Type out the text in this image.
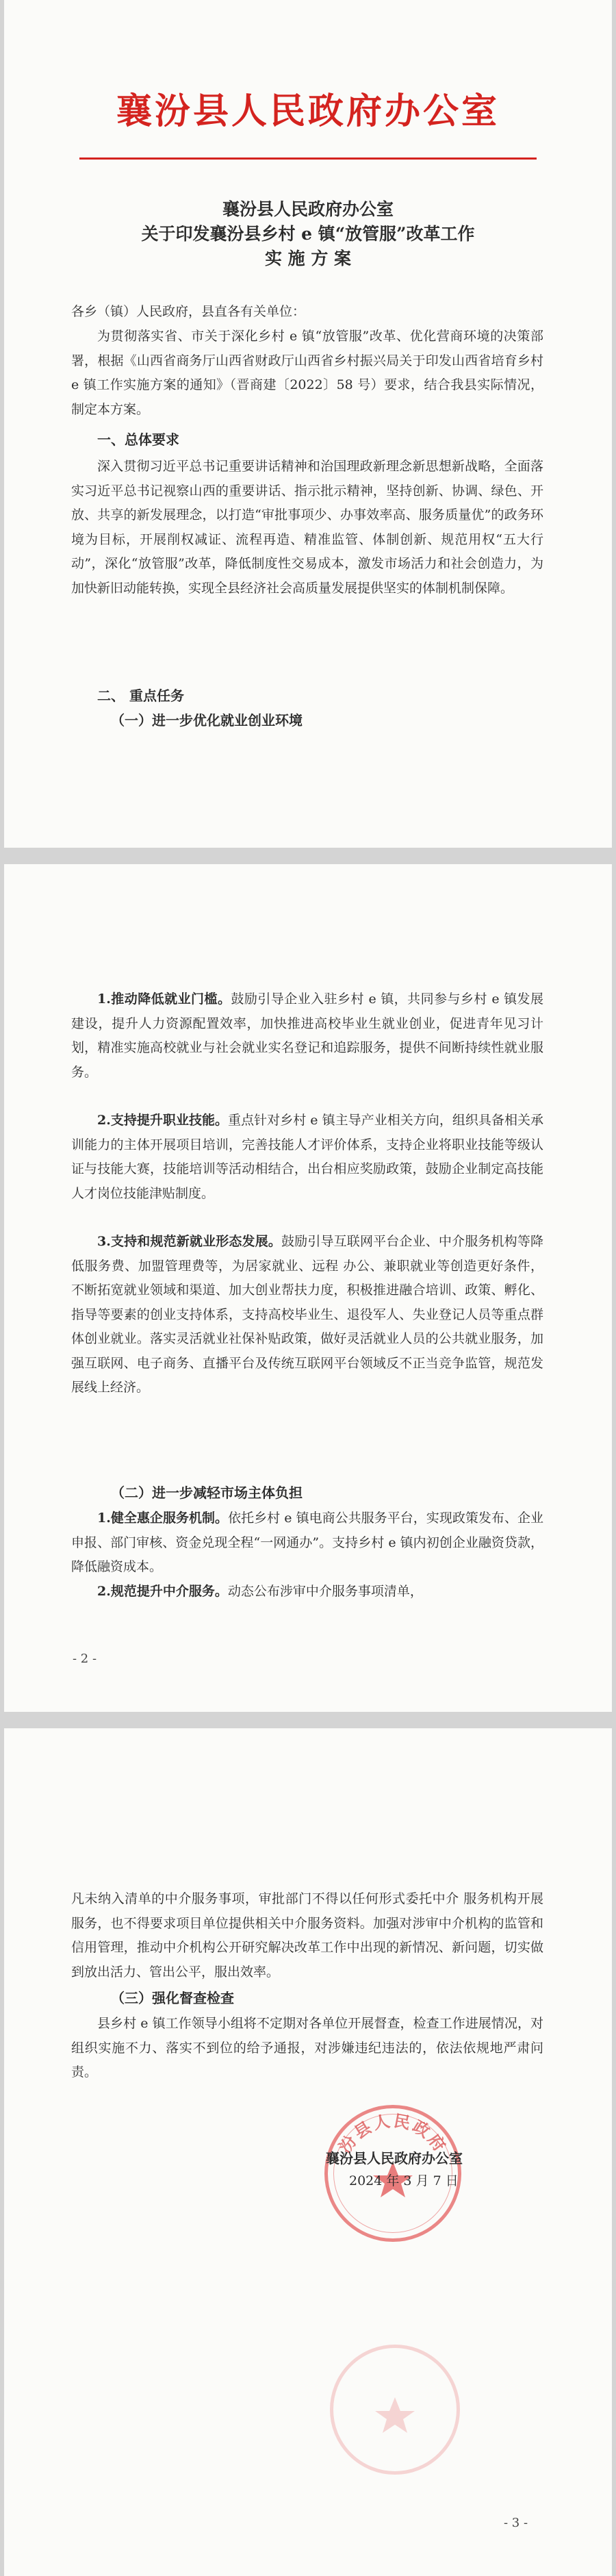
襄汾县人民政府办公室
襄汾县人民政府办公室
关于印发襄汾县乡村 e 镇“放管服”改革工作
实 施 方 案

各乡（镇）人民政府，县直各有关单位：

为贯彻落实省、市关于深化乡村 e 镇“放管服”改革、优化营商环境的决策部署，根据《山西省商务厅山西省财政厅山西省乡村振兴局关于印发山西省培育乡村 e 镇工作实施方案的通知》（晋商建〔2022〕58 号）要求，结合我县实际情况，制定本方案。

一、总体要求

深入贯彻习近平总书记重要讲话精神和治国理政新理念新思想新战略，全面落实习近平总书记视察山西的重要讲话、指示批示精神，坚持创新、协调、绿色、开放、共享的新发展理念，以打造“审批事项少、办事效率高、服务质量优”的政务环境为目标，开展削权减证、流程再造、精准监管、体制创新、规范用权“五大行动”，深化“放管服”改革，降低制度性交易成本，激发市场活力和社会创造力，为加快新旧动能转换，实现全县经济社会高质量发展提供坚实的体制机制保障。

二、 重点任务

（一）进一步优化就业创业环境

1.推动降低就业门槛。鼓励引导企业入驻乡村 e 镇，共同参与乡村 e 镇发展建设，提升人力资源配置效率，加快推进高校毕业生就业创业，促进青年见习计划，精准实施高校就业与社会就业实名登记和追踪服务，提供不间断持续性就业服务。

2.支持提升职业技能。重点针对乡村 e 镇主导产业相关方向，组织具备相关承训能力的主体开展项目培训，完善技能人才评价体系，支持企业将职业技能等级认证与技能大赛，技能培训等活动相结合，出台相应奖励政策，鼓励企业制定高技能人才岗位技能津贴制度。

3.支持和规范新就业形态发展。鼓励引导互联网平台企业、中介服务机构等降低服务费、加盟管理费等，为居家就业、远程 办公、兼职就业等创造更好条件，不断拓宽就业领域和渠道、加大创业帮扶力度，积极推进融合培训、政策、孵化、指导等要素的创业支持体系，支持高校毕业生、退役军人、失业登记人员等重点群体创业就业。落实灵活就业社保补贴政策，做好灵活就业人员的公共就业服务，加强互联网、电子商务、直播平台及传统互联网平台领域反不正当竞争监管，规范发展线上经济。

（二）进一步减轻市场主体负担

1.健全惠企服务机制。依托乡村 e 镇电商公共服务平台，实现政策发布、企业申报、部门审核、资金兑现全程“一网通办”。支持乡村 e 镇内初创企业融资贷款，降低融资成本。

2.规范提升中介服务。动态公布涉审中介服务事项清单，

- 2 -

凡未纳入清单的中介服务事项，审批部门不得以任何形式委托中介 服务机构开展服务，也不得要求项目单位提供相关中介服务资料。加强对涉审中介机构的监管和信用管理，推动中介机构公开研究解决改革工作中出现的新情况、新问题，切实做到放出活力、管出公平，服出效率。

（三）强化督查检查

县乡村 e 镇工作领导小组将不定期对各单位开展督查，检查工作进展情况，对组织实施不力、落实不到位的给予通报，对涉嫌违纪违法的，依法依规地严肃问责。

汾县人民政府
襄汾县人民政府办公室
2024 年 3 月 7 日
- 3 -
